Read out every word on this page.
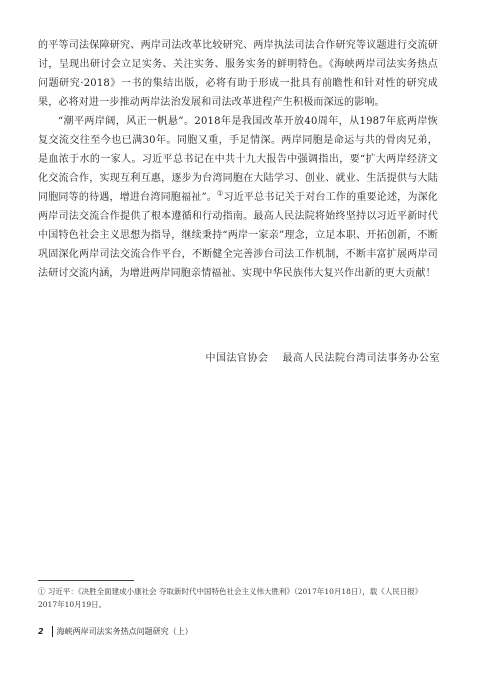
的平等司法保障研究、两岸司法改革比较研究、两岸执法司法合作研究等议题进行交流研讨，呈现出研讨会立足实务、关注实务、服务实务的鲜明特色。《海峡两岸司法实务热点问题研究·2018》一书的集结出版，必将有助于形成一批具有前瞻性和针对性的研究成果，必将对进一步推动两岸法治发展和司法改革进程产生积极而深远的影响。

“潮平两岸阔，风正一帆悬”。2018年是我国改革开放40周年，从1987年底两岸恢复交流交往至今也已满30年。同胞又重，手足情深。两岸同胞是命运与共的骨肉兄弟，是血浓于水的一家人。习近平总书记在中共十九大报告中强调指出，要“扩大两岸经济文化交流合作，实现互利互惠，逐步为台湾同胞在大陆学习、创业、就业、生活提供与大陆同胞同等的待遇，增进台湾同胞福祉”。①习近平总书记关于对台工作的重要论述，为深化两岸司法交流合作提供了根本遵循和行动指南。最高人民法院将始终坚持以习近平新时代中国特色社会主义思想为指导，继续秉持“两岸一家亲”理念，立足本职、开拓创新，不断巩固深化两岸司法交流合作平台，不断健全完善涉台司法工作机制，不断丰富扩展两岸司法研讨交流内涵，为增进两岸同胞亲情福祉、实现中华民族伟大复兴作出新的更大贡献！

中国法官协会 最高人民法院台湾司法事务办公室
① 习近平：《决胜全面建成小康社会 夺取新时代中国特色社会主义伟大胜利》（2017年10月18日），载《人民日报》2017年10月19日。
2 海峡两岸司法实务热点问题研究（上）
